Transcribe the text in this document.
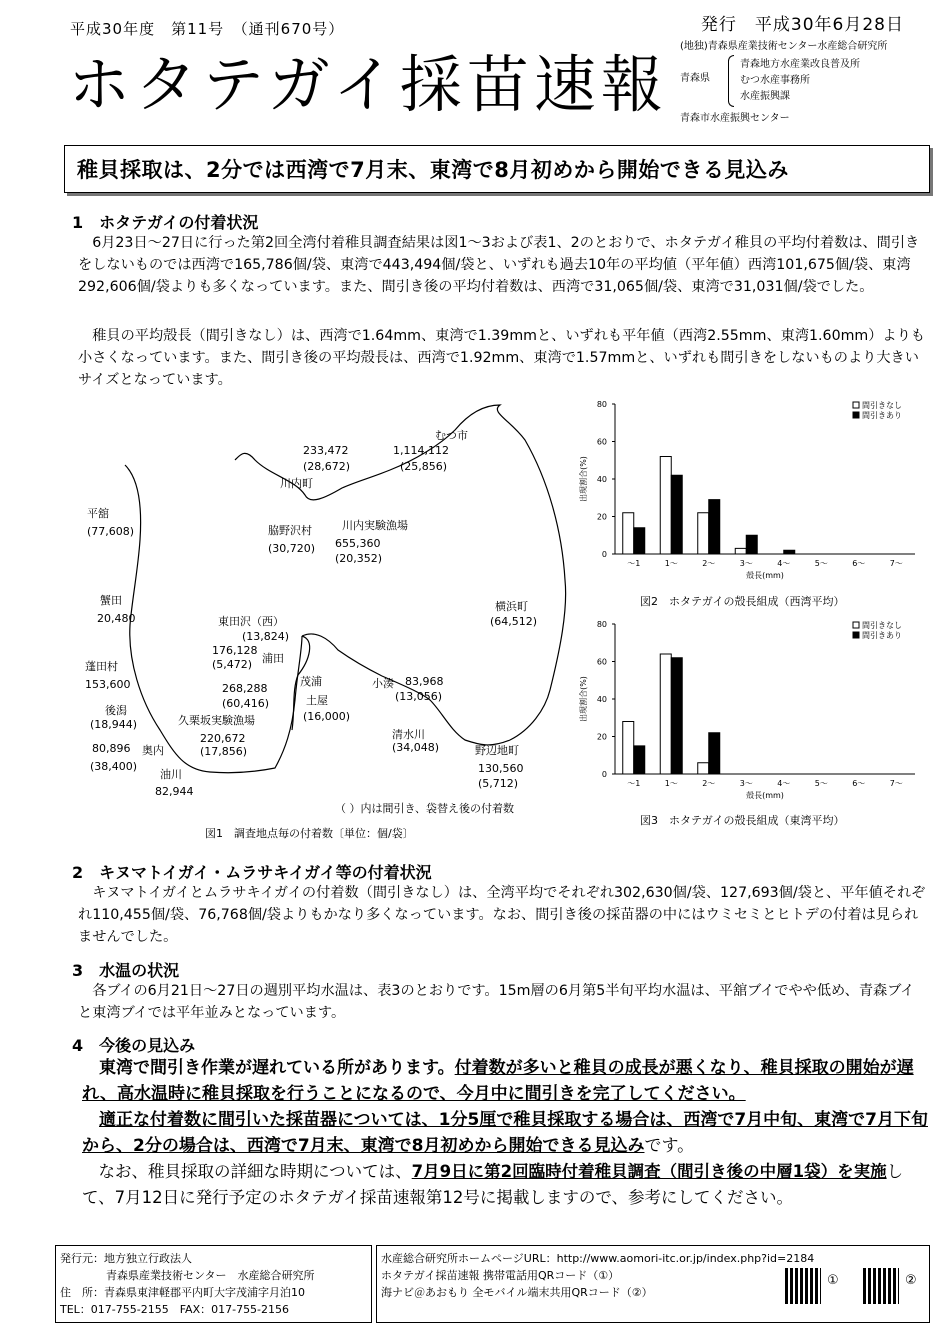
平成30年度　第11号　（通刊670号）	発行　平成30年6月28日
ホタテガイ採苗速報
(地独)青森県産業技術センター水産総合研究所
青森県
青森地方水産業改良普及所
むつ水産事務所
水産振興課
青森市水産振興センター
稚貝採取は、2分では西湾で7月末、東湾で8月初めから開始できる見込み
1　ホタテガイの付着状況
6月23日～27日に行った第2回全湾付着稚貝調査結果は図1～3および表1、2のとおりで、ホタテガイ稚貝の平均付着数は、間引きをしないものでは西湾で165,786個/袋、東湾で443,494個/袋と、いずれも過去10年の平均値（平年値）西湾101,675個/袋、東湾292,606個/袋よりも多くなっています。また、間引き後の平均付着数は、西湾で31,065個/袋、東湾で31,031個/袋でした。
稚貝の平均殻長（間引きなし）は、西湾で1.64mm、東湾で1.39mmと、いずれも平年値（西湾2.55mm、東湾1.60mm）よりも小さくなっています。また、間引き後の平均殻長は、西湾で1.92mm、東湾で1.57mmと、いずれも間引きをしないものより大きいサイズとなっています。
平舘
(77,608)
蟹田
20,480
蓬田村
153,600
後潟
(18,944)
奥内
80,896
(38,400)
油川
82,944
久栗坂実験漁場
220,672
(17,856)
176,128
(5,472) 浦田
東田沢（西）
(13,824)
茂浦
268,288
(60,416)	土屋
(16,000)
小湊 83,968
(13,056)
清水川
(34,048)	野辺地町
130,560
(5,712)
横浜町
(64,512)
川内実験漁場
655,360
(20,352)
脇野沢村
(30,720)
川内町
233,472
(28,672)
むつ市
1,114,112
(25,856)
（ ）内は間引き、袋替え後の付着数
図1　調査地点毎の付着数〔単位：個/袋〕
0
20
40
60
80
～1	1～	2～	3～	4～	5～	6～	7～
殻長(mm)
出現割合(%)
間引きなし
間引きあり
図2　ホタテガイの殻長組成（西湾平均）
0
20
40
60
80
～1	1～	2～	3～	4～	5～	6～	7～
殻長(mm)
出現割合(%)
間引きなし
間引きあり
図3　ホタテガイの殻長組成（東湾平均）
2　キヌマトイガイ・ムラサキイガイ等の付着状況
キヌマトイガイとムラサキイガイの付着数（間引きなし）は、全湾平均でそれぞれ302,630個/袋、127,693個/袋と、平年値それぞれ110,455個/袋、76,768個/袋よりもかなり多くなっています。なお、間引き後の採苗器の中にはウミセミとヒトデの付着は見られませんでした。
3　水温の状況
各ブイの6月21日～27日の週別平均水温は、表3のとおりです。15m層の6月第5半旬平均水温は、平舘ブイでやや低め、青森ブイと東湾ブイでは平年並みとなっています。
4　今後の見込み
東湾で間引き作業が遅れている所があります。付着数が多いと稚貝の成長が悪くなり、稚貝採取の開始が遅れ、高水温時に稚貝採取を行うことになるので、今月中に間引きを完了してください。
適正な付着数に間引いた採苗器については、1分5厘で稚貝採取する場合は、西湾で7月中旬、東湾で7月下旬から、2分の場合は、西湾で7月末、東湾で8月初めから開始できる見込みです。
なお、稚貝採取の詳細な時期については、7月9日に第2回臨時付着稚貝調査（間引き後の中層1袋）を実施して、7月12日に発行予定のホタテガイ採苗速報第12号に掲載しますので、参考にしてください。
発行元：地方独立行政法人
青森県産業技術センター　水産総合研究所
住　所：青森県東津軽郡平内町大字茂浦字月泊10
TEL：017-755-2155　FAX：017-755-2156
水産総合研究所ホームページURL：http://www.aomori-itc.or.jp/index.php?id=2184
ホタテガイ採苗速報 携帯電話用QRコード（①）
海ナビ＠あおもり 全モバイル端末共用QRコード（②）
①	②
